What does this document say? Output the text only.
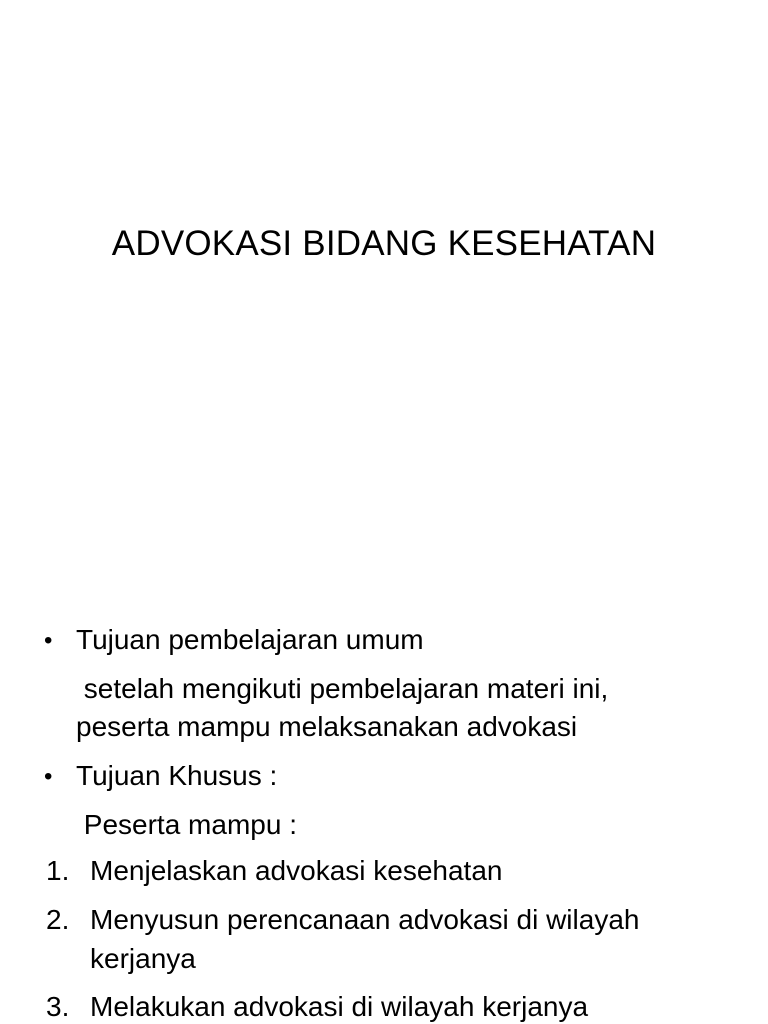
ADVOKASI BIDANG KESEHATAN
• Tujuan pembelajaran umum
setelah mengikuti pembelajaran materi ini,
peserta mampu melaksanakan advokasi
• Tujuan Khusus :
Peserta mampu :
1. Menjelaskan advokasi kesehatan
2. Menyusun perencanaan advokasi di wilayah
kerjanya
3. Melakukan advokasi di wilayah kerjanya
